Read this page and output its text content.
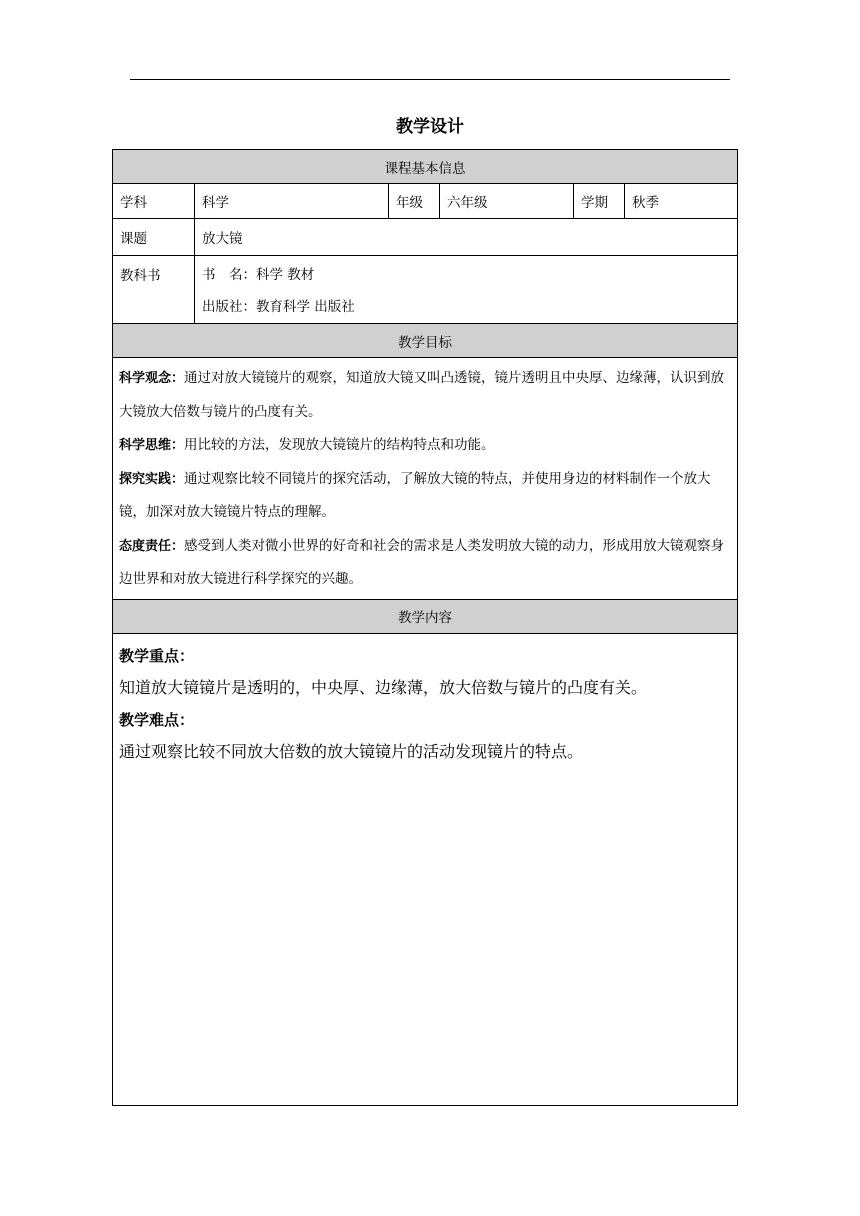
教学设计
课程基本信息					
学科	科学	年级	六年级	学期	秋季
课题	放大镜				
教科书	书　名：科学 教材
出版社：教育科学 出版社				

教学目标					

科学观念：通过对放大镜镜片的观察，知道放大镜又叫凸透镜，镜片透明且中央厚、边缘薄，认识到放大镜放大倍数与镜片的凸度有关。
科学思维：用比较的方法，发现放大镜镜片的结构特点和功能。
探究实践：通过观察比较不同镜片的探究活动，了解放大镜的特点，并使用身边的材料制作一个放大镜，加深对放大镜镜片特点的理解。
态度责任：感受到人类对微小世界的好奇和社会的需求是人类发明放大镜的动力，形成用放大镜观察身边世界和对放大镜进行科学探究的兴趣。					

教学内容					

教学重点：
知道放大镜镜片是透明的，中央厚、边缘薄，放大倍数与镜片的凸度有关。
教学难点：
通过观察比较不同放大倍数的放大镜镜片的活动发现镜片的特点。					
